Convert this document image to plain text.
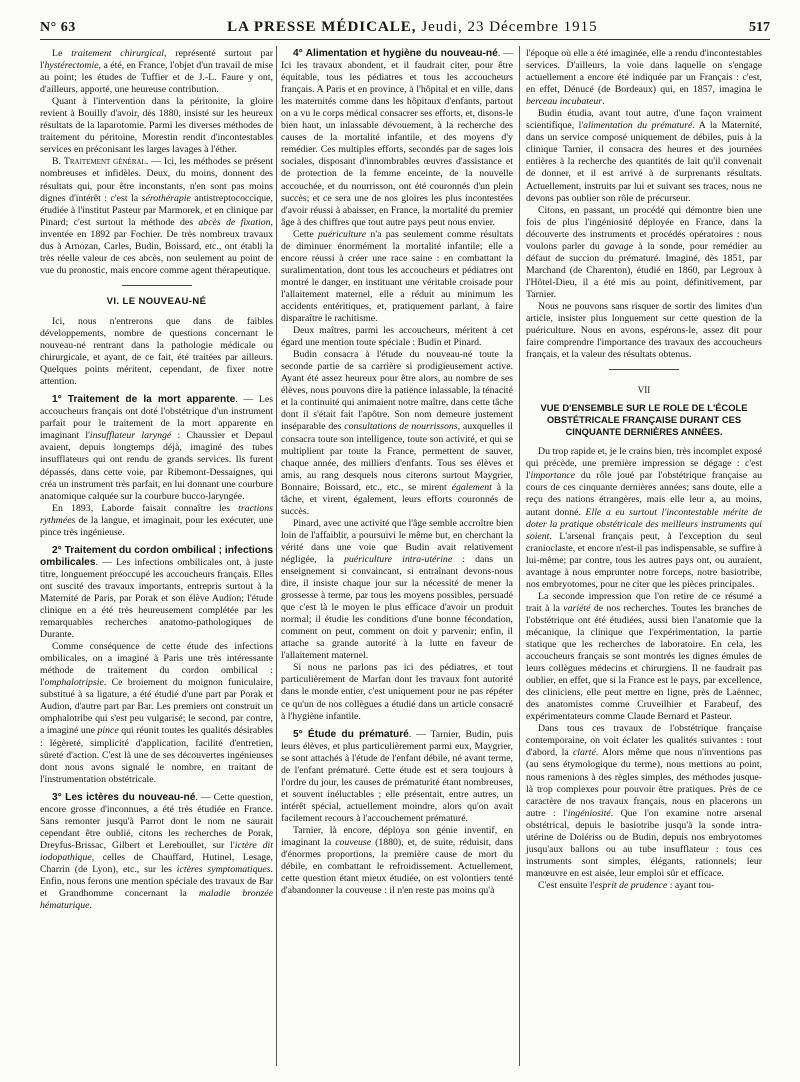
N° 63	LA PRESSE MÉDICALE, Jeudi, 23 Décembre 1915	517

Le traitement chirurgical, représenté surtout par l'hystérectomie, a été, en France, l'objet d'un travail de mise au point; les études de Tuffier et de J.-L. Faure y ont, d'ailleurs, apporté, une heureuse contribution.

Quant à l'intervention dans la péritonite, la gloire revient à Bouilly d'avoir, dès 1880, insisté sur les heureux résultats de la laparotomie. Parmi les diverses méthodes de traitement du péritoine, Morestin rendit d'incontestables services en préconisant les larges lavages à l'éther.

B. Traitement général. — Ici, les méthodes se présent nombreuses et infidèles. Deux, du moins, donnent des résultats qui, pour être inconstants, n'en sont pas moins dignes d'intérêt : c'est la sérothérapie antistreptococcique, étudiée à l'institut Pasteur par Marmorek, et en clinique par Pinard; c'est surtout la méthode des abcès de fixation, inventée en 1892 par Fochier. De très nombreux travaux dus à Arnozan, Carles, Budin, Boissard, etc., ont établi la très réelle valeur de ces abcès, non seulement au point de vue du pronostic, mais encore comme agent thérapeutique.

VI. LE NOUVEAU-NÉ

Ici, nous n'entrerons que dans de faibles développements, nombre de questions concernant le nouveau-né rentrant dans la pathologie médicale ou chirurgicale, et ayant, de ce fait, été traitées par ailleurs. Quelques points méritent, cependant, de fixer notre attention.

1° Traitement de la mort apparente. — Les accoucheurs français ont doté l'obstétrique d'un instrument parfait pour le traitement de la mort apparente en imaginant l'insufflateur laryngé : Chaussier et Depaul avaient, depuis longtemps déjà, imaginé des tubes insufflateurs qui ont rendu de grands services. Ils furent dépassés, dans cette voie, par Ribemont-Dessaignes, qui créa un instrument très parfait, en lui donnant une courbure anatomique calquée sur la courbure bucco-laryngée.

En 1893, Laborde faisait connaître les tractions rythmées de la langue, et imaginait, pour les exécuter, une pince très ingénieuse.

2° Traitement du cordon ombilical ; infections ombilicales. — Les infections ombilicales ont, à juste titre, longuement préoccupé les accoucheurs français. Elles ont suscité des travaux importants, entrepris surtout à la Maternité de Paris, par Porak et son élève Audion; l'étude clinique en a été très heureusement complétée par les remarquables recherches anatomo-pathologiques de Durante.

Comme conséquence de cette étude des infections ombilicales, on a imaginé à Paris une très intéressante méthode de traitement du cordon ombilical : l'omphalotripsie. Ce broiement du moignon funiculaire, substitué à sa ligature, a été étudié d'une part par Porak et Audion, d'autre part par Bar. Les premiers ont construit un omphalotribe qui s'est peu vulgarisé; le second, par contre, a imaginé une pince qui réunit toutes les qualités désirables : légèreté, simplicité d'application, facilité d'entretien, sûreté d'action. C'est là une de ses découvertes ingénieuses dont nous avons signalé le nombre, en traitant de l'instrumentation obstétricale.

3° Les ictères du nouveau-né. — Cette question, encore grosse d'inconnues, a été très étudiée en France. Sans remonter jusqu'à Parrot dont le nom ne saurait cependant être oublié, citons les recherches de Porak, Dreyfus-Brissac, Gilbert et Lereboullet, sur l'ictère dit iodopathique, celles de Chauffard, Hutinel, Lesage, Charrin (de Lyon), etc., sur les ictères symptomatiques. Enfin, nous ferons une mention spéciale des travaux de Bar et Grandhomme concernant la maladie bronzée hématurique.

4° Alimentation et hygiène du nouveau-né. — Ici les travaux abondent, et il faudrait citer, pour être équitable, tous les pédiatres et tous les accoucheurs français. A Paris et en province, à l'hôpital et en ville, dans les maternités comme dans les hôpitaux d'enfants, partout on a vu le corps médical consacrer ses efforts, et, disons-le bien haut, un inlassable dévouement, à la recherche des causes de la mortalité infantile, et des moyens d'y remédier. Ces multiples efforts, secondés par de sages lois sociales, disposant d'innombrables œuvres d'assistance et de protection de la femme enceinte, de la nouvelle accouchée, et du nourrisson, ont été couronnés d'un plein succès; et ce sera une de nos gloires les plus incontestées d'avoir réussi à abaisser, en France, la mortalité du premier âge à des chiffres que tout autre pays peut nous envier.

Cette puériculture n'a pas seulement comme résultats de diminuer énormément la mortalité infantile; elle a encore réussi à créer une race saine : en combattant la suralimentation, dont tous les accoucheurs et pédiatres ont montré le danger, en instituant une véritable croisade pour l'allaitement maternel, elle a réduit au minimum les accidents entéritiques, et, pratiquement parlant, à faire disparaître le rachitisme.

Deux maîtres, parmi les accoucheurs, méritent à cet égard une mention toute spéciale : Budin et Pinard.

Budin consacra à l'étude du nouveau-né toute la seconde partie de sa carrière si prodigieusement active. Ayant été assez heureux pour être alors, au nombre de ses élèves, nous pouvons dire la patience inlassable, la ténacité et la continuité qui animaient notre maître, dans cette tâche dont il s'était fait l'apôtre. Son nom demeure justement inséparable des consultations de nourrissons, auxquelles il consacra toute son intelligence, toute son activité, et qui se multiplient par toute la France, permettent de sauver, chaque année, des milliers d'enfants. Tous ses élèves et amis, au rang desquels nous citerons surtout Maygrier, Bonnaire, Boissard, etc., etc., se mirent également à la tâche, et virent, également, leurs efforts couronnés de succès.

Pinard, avec une activité que l'âge semble accroître bien loin de l'affaiblir, a poursuivi le même but, en cherchant la vérité dans une voie que Budin avait relativement négligée, la puériculture intra-utérine : dans un enseignement si convaincant, si entraînant devons-nous dire, il insiste chaque jour sur la nécessité de mener la grossesse à terme, par tous les moyens possibles, persuadé que c'est là le moyen le plus efficace d'avoir un produit normal; il étudie les conditions d'une bonne fécondation, comment on peut, comment on doit y parvenir; enfin, il attache sa grande autorité à la lutte en faveur de l'allaitement maternel.

Si nous ne parlons pas ici des pédiatres, et tout particulièrement de Marfan dont les travaux font autorité dans le monde entier, c'est uniquement pour ne pas répéter ce qu'un de nos collègues a étudié dans un article consacré à l'hygiène infantile.

5° Étude du prématuré. — Tarnier, Budin, puis leurs élèves, et plus particulièrement parmi eux, Maygrier, se sont attachés à l'étude de l'enfant débile, né avant terme, de l'enfant prématuré. Cette étude est et sera toujours à l'ordre du jour, les causes de prématurité étant nombreuses, et souvent inéluctables ; elle présentait, entre autres, un intérêt spécial, actuellement moindre, alors qu'on avait facilement recours à l'accouchement prématuré.

Tarnier, là encore, déploya son génie inventif, en imaginant la couveuse (1880), et, de suite, réduisit, dans d'énormes proportions, la première cause de mort du débile, en combattant le refroidissement. Actuellement, cette question étant mieux étudiée, on est volontiers tenté d'abandonner la couveuse : il n'en reste pas moins qu'à

l'époque où elle a été imaginée, elle a rendu d'incontestables services. D'ailleurs, la voie dans laquelle on s'engage actuellement a encore été indiquée par un Français : c'est, en effet, Dénucé (de Bordeaux) qui, en 1857, imagina le berceau incubateur.

Budin étudia, avant tout autre, d'une façon vraiment scientifique, l'alimentation du prématuré. A la Maternité, dans un service composé uniquement de débiles, puis à la clinique Tarnier, il consacra des heures et des journées entières à la recherche des quantités de lait qu'il convenait de donner, et il est arrivé à de surprenants résultats. Actuellement, instruits par lui et suivant ses traces, nous ne devons pas oublier son rôle de précurseur.

Citons, en passant, un procédé qui démontre bien une fois de plus l'ingéniosité déployée en France, dans la découverte des instruments et procédés opératoires : nous voulons parler du gavage à la sonde, pour remédier au défaut de succion du prématuré. Imaginé, dès 1851, par Marchand (de Charenton), étudié en 1860, par Legroux à l'Hôtel-Dieu, il a été mis au point, définitivement, par Tarnier.

Nous ne pouvons sans risquer de sortir des limites d'un article, insister plus longuement sur cette question de la puériculture. Nous en avons, espérons-le, assez dit pour faire comprendre l'importance des travaux des accoucheurs français, et la valeur des résultats obtenus.

VII
VUE D'ENSEMBLE SUR LE ROLE DE L'ÉCOLE OBSTÉTRICALE FRANÇAISE DURANT CES CINQUANTE DERNIÈRES ANNÉES.

Du trop rapide et, je le crains bien, très incomplet exposé qui précède, une première impression se dégage : c'est l'importance du rôle joué par l'obstétrique française au cours de ces cinquante dernières années; sans doute, elle a reçu des nations étrangères, mais elle leur a, au moins, autant donné. Elle a eu surtout l'incontestable mérite de doter la pratique obstétricale des meilleurs instruments qui soient. L'arsenal français peut, à l'exception du seul cranioclaste, et encore n'est-il pas indispensable, se suffire à lui-même; par contre, tous les autres pays ont, ou auraient, avantage à nous emprunter notre forceps, notre basiotribe, nos embryotomes, pour ne citer que les pièces principales.

La seconde impression que l'on retire de ce résumé a trait à la variété de nos recherches. Toutes les branches de l'obstétrique ont été étudiées, aussi bien l'anatomie que la mécanique, la clinique que l'expérimentation, la partie statique que les recherches de laboratoire. En cela, les accoucheurs français se sont montrés les dignes émules de leurs collègues médecins et chirurgiens. Il ne faudrait pas oublier, en effet, que si la France est le pays, par excellence, des cliniciens, elle peut mettre en ligne, près de Laënnec, des anatomistes comme Cruveilhier et Farabeuf, des expérimentateurs comme Claude Bernard et Pasteur.

Dans tous ces travaux de l'obstétrique française contemporaine, on voit éclater les qualités suivantes : tout d'abord, la clarté. Alors même que nous n'inventions pas (au sens étymologique du terme), nous mettions au point, nous ramenions à des règles simples, des méthodes jusque-là trop complexes pour pouvoir être pratiques. Près de ce caractère de nos travaux français, nous en placerons un autre : l'ingéniosité. Que l'on examine notre arsenal obstétrical, depuis le basiotribe jusqu'à la sonde intra-utérine de Dolériss ou de Budin, depuis nos embryotomes jusqu'aux ballons ou au tube insufflateur : tous ces instruments sont simples, élégants, rationnels; leur manœuvre en est aisée, leur emploi sûr et efficace.

C'est ensuite l'esprit de prudence : ayant tou-
